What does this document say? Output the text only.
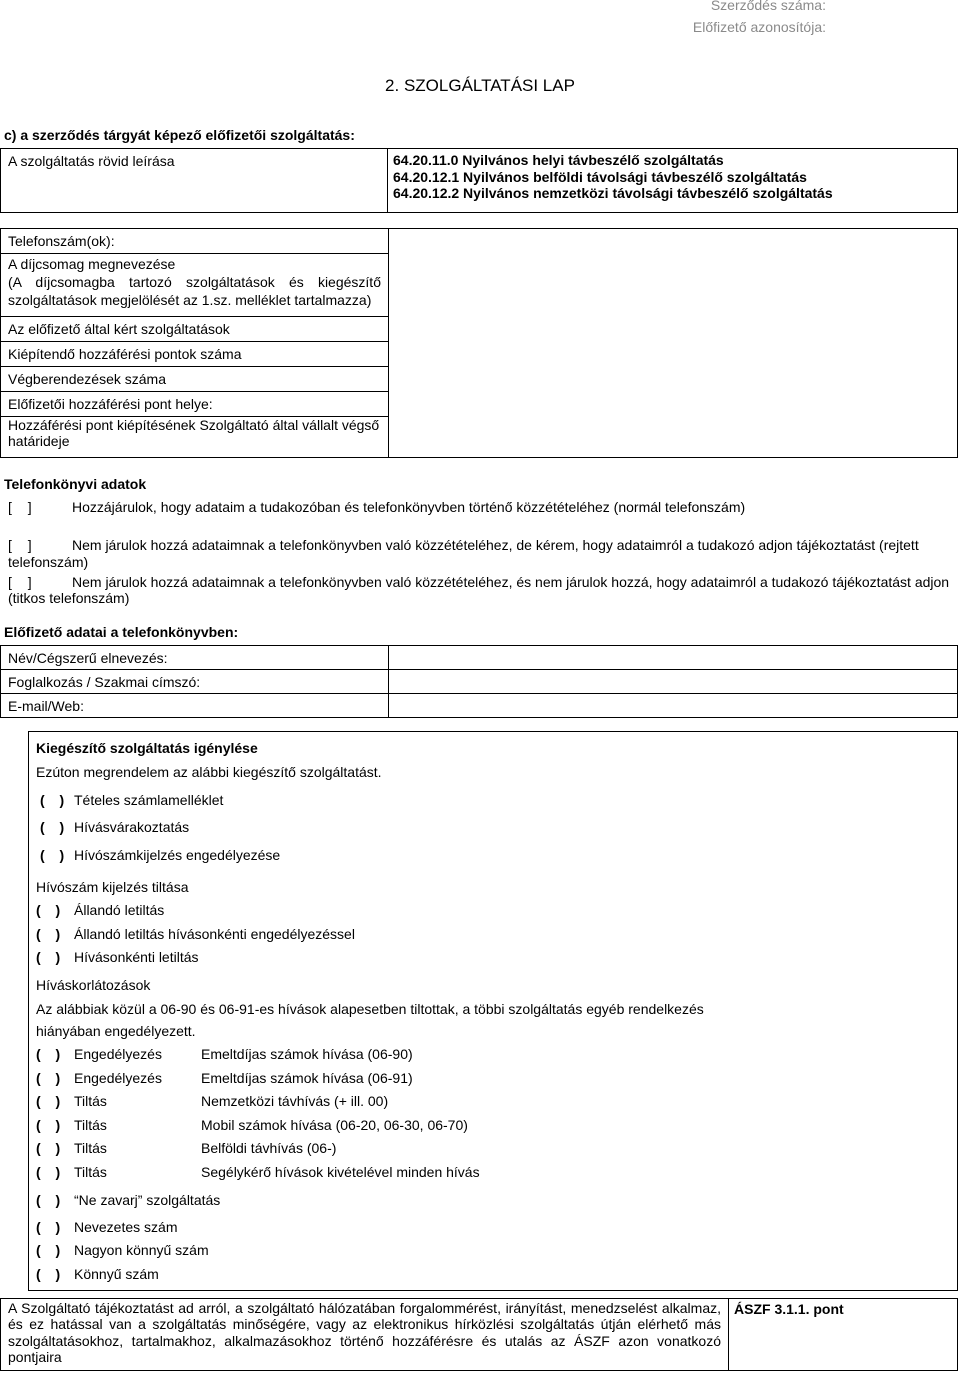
Szerződés száma:
Előfizető azonosítója:
2. SZOLGÁLTATÁSI LAP
c) a szerződés tárgyát képező előfizetői szolgáltatás:
A szolgáltatás rövid leírása	64.20.11.0 Nyilvános helyi távbeszélő szolgáltatás
64.20.12.1 Nyilvános belföldi távolsági távbeszélő szolgáltatás
64.20.12.2 Nyilvános nemzetközi távolsági távbeszélő szolgáltatás
Telefonszám(ok):
A díjcsomag megnevezése
(A díjcsomagba tartozó szolgáltatások és kiegészítő
szolgáltatások megjelölését az 1.sz. melléklet tartalmazza)
Az előfizető által kért szolgáltatások
Kiépítendő hozzáférési pontok száma
Végberendezések száma
Előfizetői hozzáférési pont helye:
Hozzáférési pont kiépítésének Szolgáltató által vállalt végső
határideje
Telefonkönyvi adatok
[ ]	Hozzájárulok, hogy adataim a tudakozóban és telefonkönyvben történő közzétételéhez (normál telefonszám)
[ ]	Nem járulok hozzá adataimnak a telefonkönyvben való közzétételéhez, de kérem, hogy adataimról a tudakozó adjon tájékoztatást (rejtett
telefonszám)
[ ]	Nem járulok hozzá adataimnak a telefonkönyvben való közzétételéhez, és nem járulok hozzá, hogy adataimról a tudakozó tájékoztatást adjon
(titkos telefonszám)
Előfizető adatai a telefonkönyvben:
Név/Cégszerű elnevezés:
Foglalkozás / Szakmai címszó:
E-mail/Web:
Kiegészítő szolgáltatás igénylése
Ezúton megrendelem az alábbi kiegészítő szolgáltatást.
( ) Tételes számlamelléklet
( ) Hívásvárakoztatás
( ) Hívószámkijelzés engedélyezése
Hívószám kijelzés tiltása
( ) Állandó letiltás
( ) Állandó letiltás hívásonkénti engedélyezéssel
( ) Hívásonkénti letiltás
Híváskorlátozások
Az alábbiak közül a 06-90 és 06-91-es hívások alapesetben tiltottak, a többi szolgáltatás egyéb rendelkezés
hiányában engedélyezett.
( ) Engedélyezés	Emeltdíjas számok hívása (06-90)
( ) Engedélyezés	Emeltdíjas számok hívása (06-91)
( ) Tiltás	Nemzetközi távhívás (+ ill. 00)
( ) Tiltás	Mobil számok hívása (06-20, 06-30, 06-70)
( ) Tiltás	Belföldi távhívás (06-)
( ) Tiltás	Segélykérő hívások kivételével minden hívás
( ) “Ne zavarj” szolgáltatás
( ) Nevezetes szám
( ) Nagyon könnyű szám
( ) Könnyű szám
A Szolgáltató tájékoztatást ad arról, a szolgáltató hálózatában forgalommérést, irányítást, menedzselést alkalmaz,
és ez hatással van a szolgáltatás minőségére, vagy az elektronikus hírközlési szolgáltatás útján elérhető más
szolgáltatásokhoz, tartalmakhoz, alkalmazásokhoz történő hozzáférésre és utalás az ÁSZF azon vonatkozó
pontjaira
ÁSZF 3.1.1. pont
